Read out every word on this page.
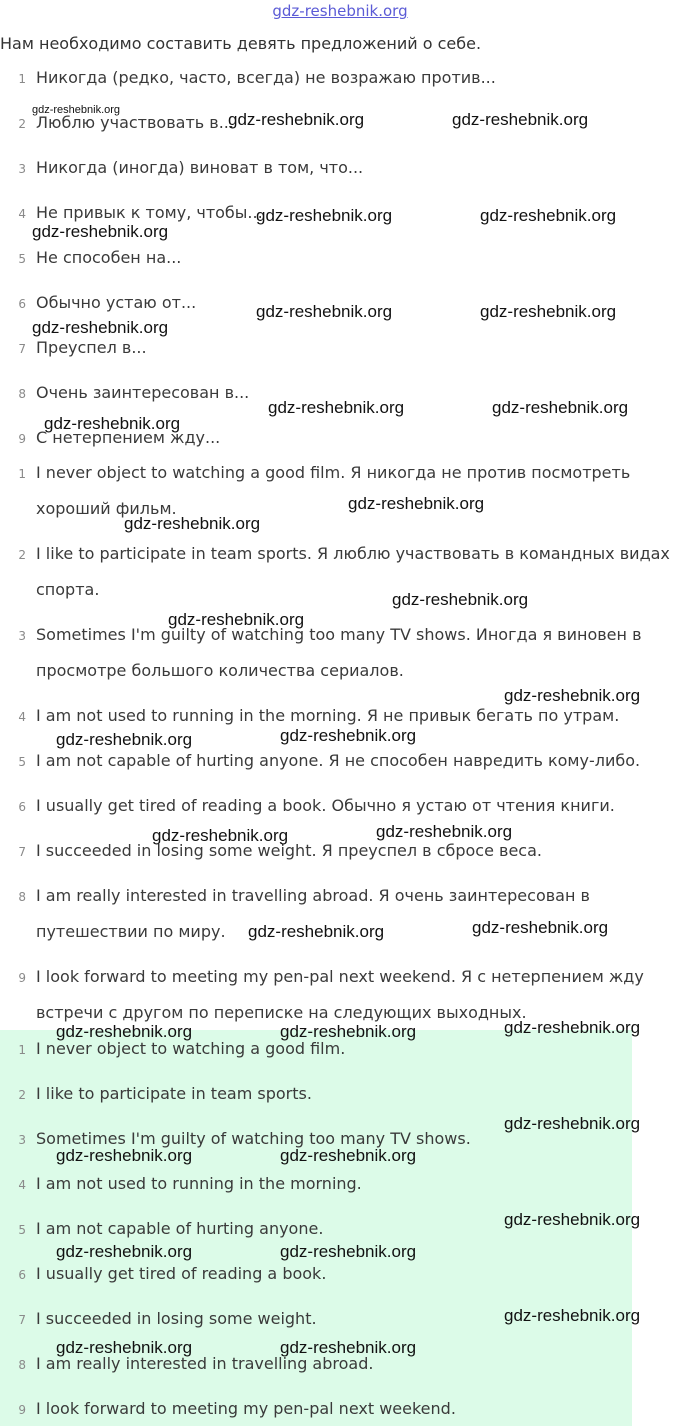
gdz-reshebnik.org
Нам необходимо составить девять предложений о себе.
1 Никогда (редко, часто, всегда) не возражаю против...
2 Люблю участвовать в...
3 Никогда (иногда) виноват в том, что...
4 Не привык к тому, чтобы...
5 Не способен на...
6 Обычно устаю от...
7 Преуспел в...
8 Очень заинтересован в...
9 С нетерпением жду...
1 I never object to watching a good film. Я никогда не против посмотреть хороший фильм.
2 I like to participate in team sports. Я люблю участвовать в командных видах спорта.
3 Sometimes I'm guilty of watching too many TV shows. Иногда я виновен в просмотре большого количества сериалов.
4 I am not used to running in the morning. Я не привык бегать по утрам.
5 I am not capable of hurting anyone. Я не способен навредить кому-либо.
6 I usually get tired of reading a book. Обычно я устаю от чтения книги.
7 I succeeded in losing some weight. Я преуспел в сбросе веса.
8 I am really interested in travelling abroad. Я очень заинтересован в путешествии по миру.
9 I look forward to meeting my pen-pal next weekend. Я с нетерпением жду встречи с другом по переписке на следующих выходных.
1 I never object to watching a good film.
2 I like to participate in team sports.
3 Sometimes I'm guilty of watching too many TV shows.
4 I am not used to running in the morning.
5 I am not capable of hurting anyone.
6 I usually get tired of reading a book.
7 I succeeded in losing some weight.
8 I am really interested in travelling abroad.
9 I look forward to meeting my pen-pal next weekend.
gdz-reshebnik.org	gdz-reshebnik.org	gdz-reshebnik.org
gdz-reshebnik.org	gdz-reshebnik.org
gdz-reshebnik.org
gdz-reshebnik.org	gdz-reshebnik.org
gdz-reshebnik.org
gdz-reshebnik.org	gdz-reshebnik.org
gdz-reshebnik.org
gdz-reshebnik.org
gdz-reshebnik.org
gdz-reshebnik.org
gdz-reshebnik.org
gdz-reshebnik.org
gdz-reshebnik.org
gdz-reshebnik.org
gdz-reshebnik.org
gdz-reshebnik.org
gdz-reshebnik.org
gdz-reshebnik.org
gdz-reshebnik.org
gdz-reshebnik.org	gdz-reshebnik.org
gdz-reshebnik.org
gdz-reshebnik.org	gdz-reshebnik.org
gdz-reshebnik.org
gdz-reshebnik.org	gdz-reshebnik.org
gdz-reshebnik.org
gdz-reshebnik.org	gdz-reshebnik.org
